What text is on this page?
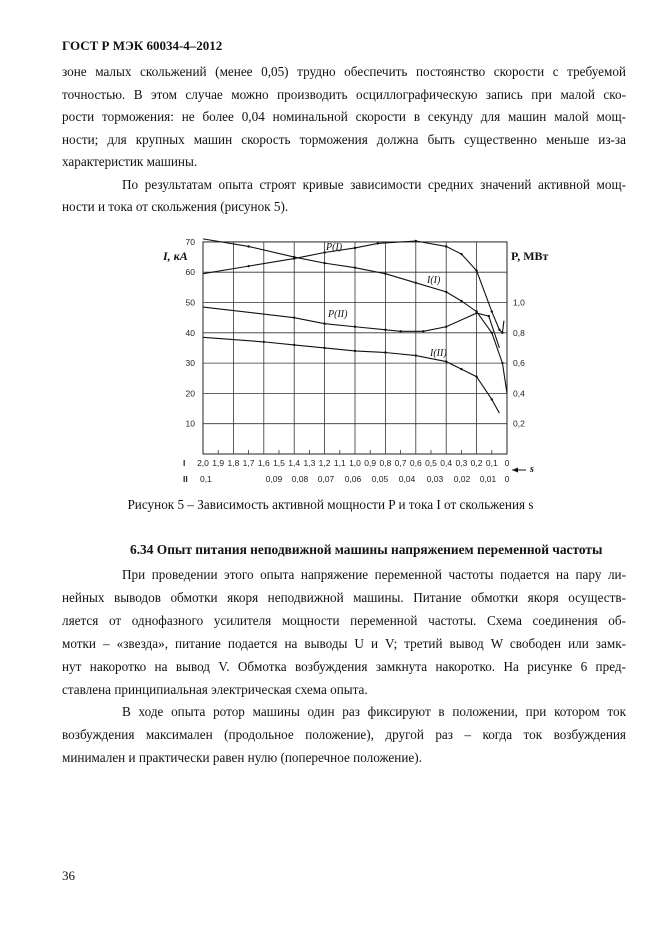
ГОСТ Р МЭК 60034-4–2012
зоне малых скольжений (менее 0,05) трудно обеспечить постоянство скорости с требуемой
точностью. В этом случае можно производить осциллографическую запись при малой ско-
рости торможения: не более 0,04 номинальной скорости в секунду для машин малой мощ-
ности; для крупных машин скорость торможения должна быть существенно меньше из-за
характеристик машины.
По результатам опыта строят кривые зависимости средних значений активной мощ-
ности и тока от скольжения (рисунок 5).
10
20
30
40
50
60
70
0,2
0,4
0,6
0,8
1,0
I 2,0 1,9 1,8 1,7 1,6 1,5 1,4 1,3 1,2 1,1 1,0 0,9 0,8 0,7 0,6 0,5 0,4 0,3 0,2 0,1 0
II 0,1	0,09 0,08 0,07 0,06 0,05 0,04 0,03 0,02 0,01 0
s
I, кА	P, МВт
P(I)
I(I)
P(II)
I(II)
Рисунок 5 – Зависимость активной мощности P и тока I от скольжения s
6.34 Опыт питания неподвижной машины напряжением переменной частоты
При проведении этого опыта напряжение переменной частоты подается на пару ли-
нейных выводов обмотки якоря неподвижной машины. Питание обмотки якоря осуществ-
ляется от однофазного усилителя мощности переменной частоты. Схема соединения об-
мотки – «звезда», питание подается на выводы U и V; третий вывод W свободен или замк-
нут накоротко на вывод V. Обмотка возбуждения замкнута накоротко. На рисунке 6 пред-
ставлена принципиальная электрическая схема опыта.
В ходе опыта ротор машины один раз фиксируют в положении, при котором ток
возбуждения максимален (продольное положение), другой раз – когда ток возбуждения
минимален и практически равен нулю (поперечное положение).
36
